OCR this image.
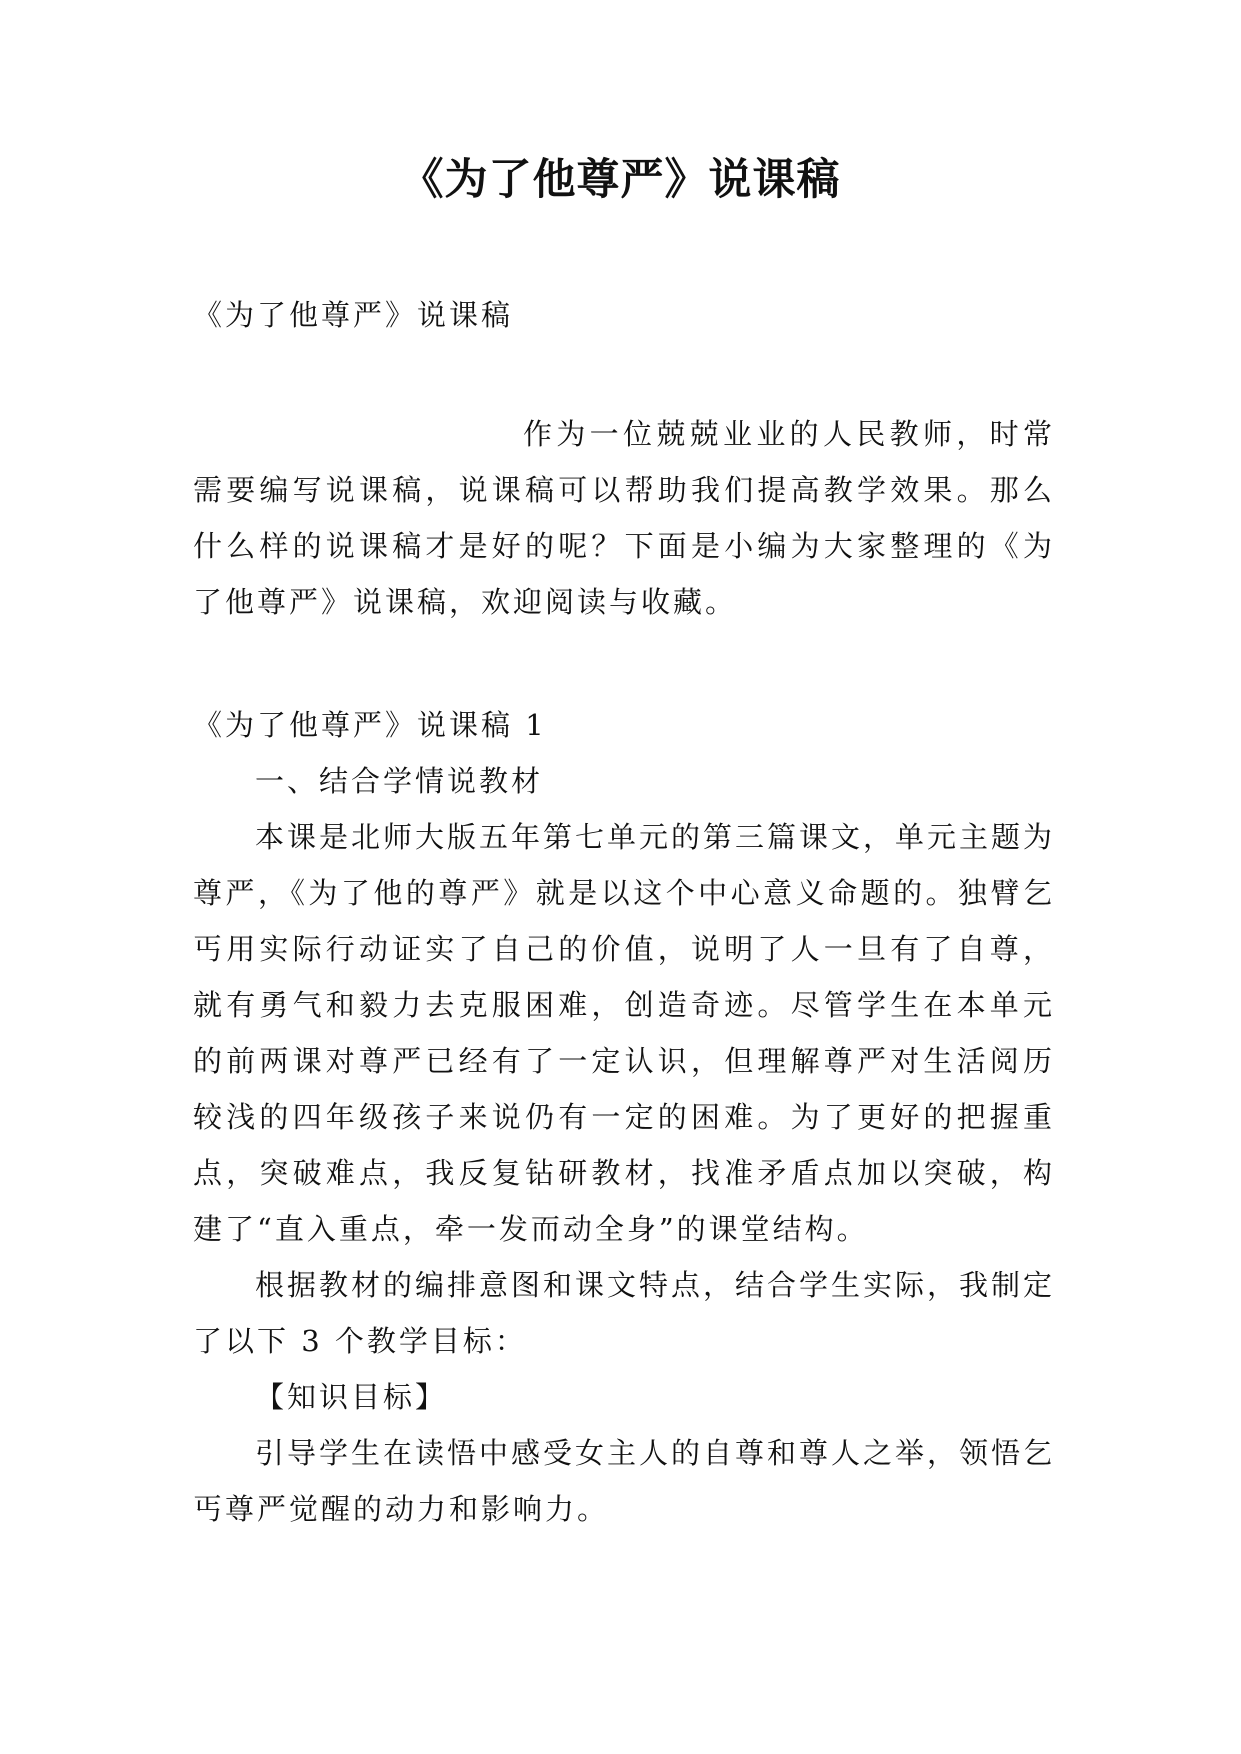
《为了他尊严》说课稿

《为了他尊严》说课稿

作为一位兢兢业业的人民教师，时常需要编写说课稿，说课稿可以帮助我们提高教学效果。那么什么样的说课稿才是好的呢？下面是小编为大家整理的《为了他尊严》说课稿，欢迎阅读与收藏。

《为了他尊严》说课稿 1

一、结合学情说教材

本课是北师大版五年第七单元的第三篇课文，单元主题为尊严，《为了他的尊严》就是以这个中心意义命题的。独臂乞丐用实际行动证实了自己的价值，说明了人一旦有了自尊，就有勇气和毅力去克服困难，创造奇迹。尽管学生在本单元的前两课对尊严已经有了一定认识，但理解尊严对生活阅历较浅的四年级孩子来说仍有一定的困难。为了更好的把握重点，突破难点，我反复钻研教材，找准矛盾点加以突破，构建了“直入重点，牵一发而动全身”的课堂结构。

根据教材的编排意图和课文特点，结合学生实际，我制定了以下 3 个教学目标：

【知识目标】

引导学生在读悟中感受女主人的自尊和尊人之举，领悟乞丐尊严觉醒的动力和影响力。
